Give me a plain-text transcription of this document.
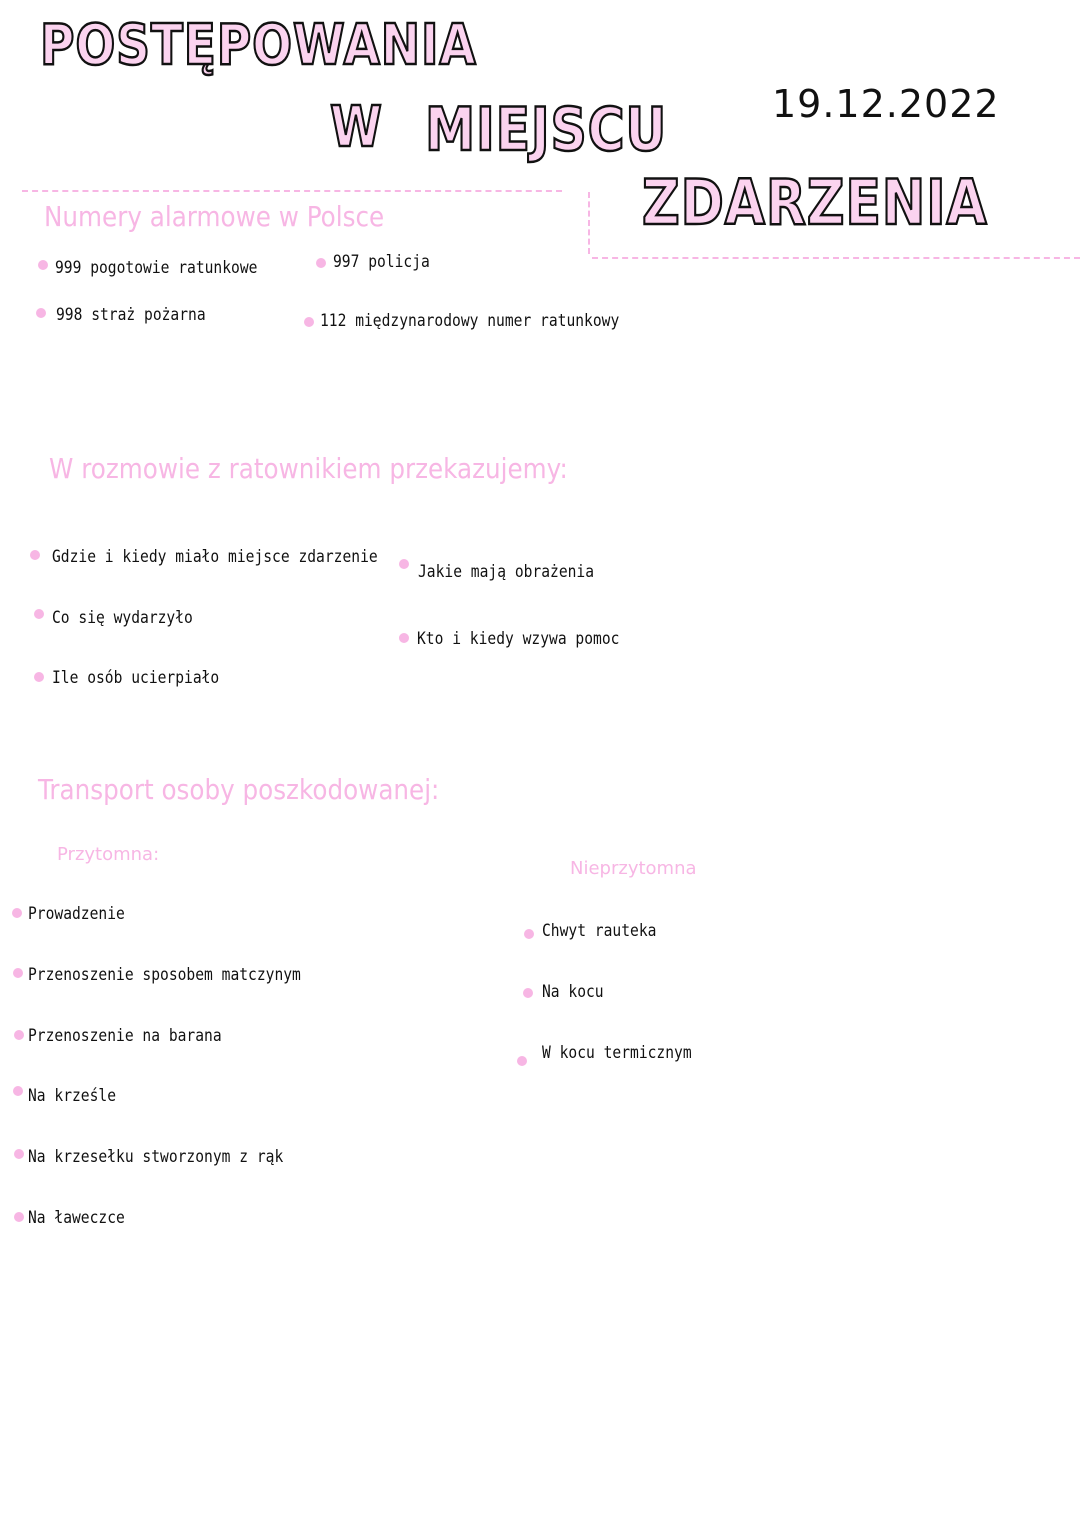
POSTĘPOWANIA
W MIEJSCU
ZDARZENIA
19.12.2022
Numery alarmowe w Polsce
999 pogotowie ratunkowe
998 straż pożarna
997 policja
112 międzynarodowy numer ratunkowy
W rozmowie z ratownikiem przekazujemy:
Gdzie i kiedy miało miejsce zdarzenie
Co się wydarzyło
Ile osób ucierpiało
Jakie mają obrażenia
Kto i kiedy wzywa pomoc
Transport osoby poszkodowanej:
Przytomna:
Nieprzytomna
Prowadzenie
Przenoszenie sposobem matczynym
Przenoszenie na barana
Na krześle
Na krzesełku stworzonym z rąk
Na ławeczce
Chwyt rauteka
Na kocu
W kocu termicznym
